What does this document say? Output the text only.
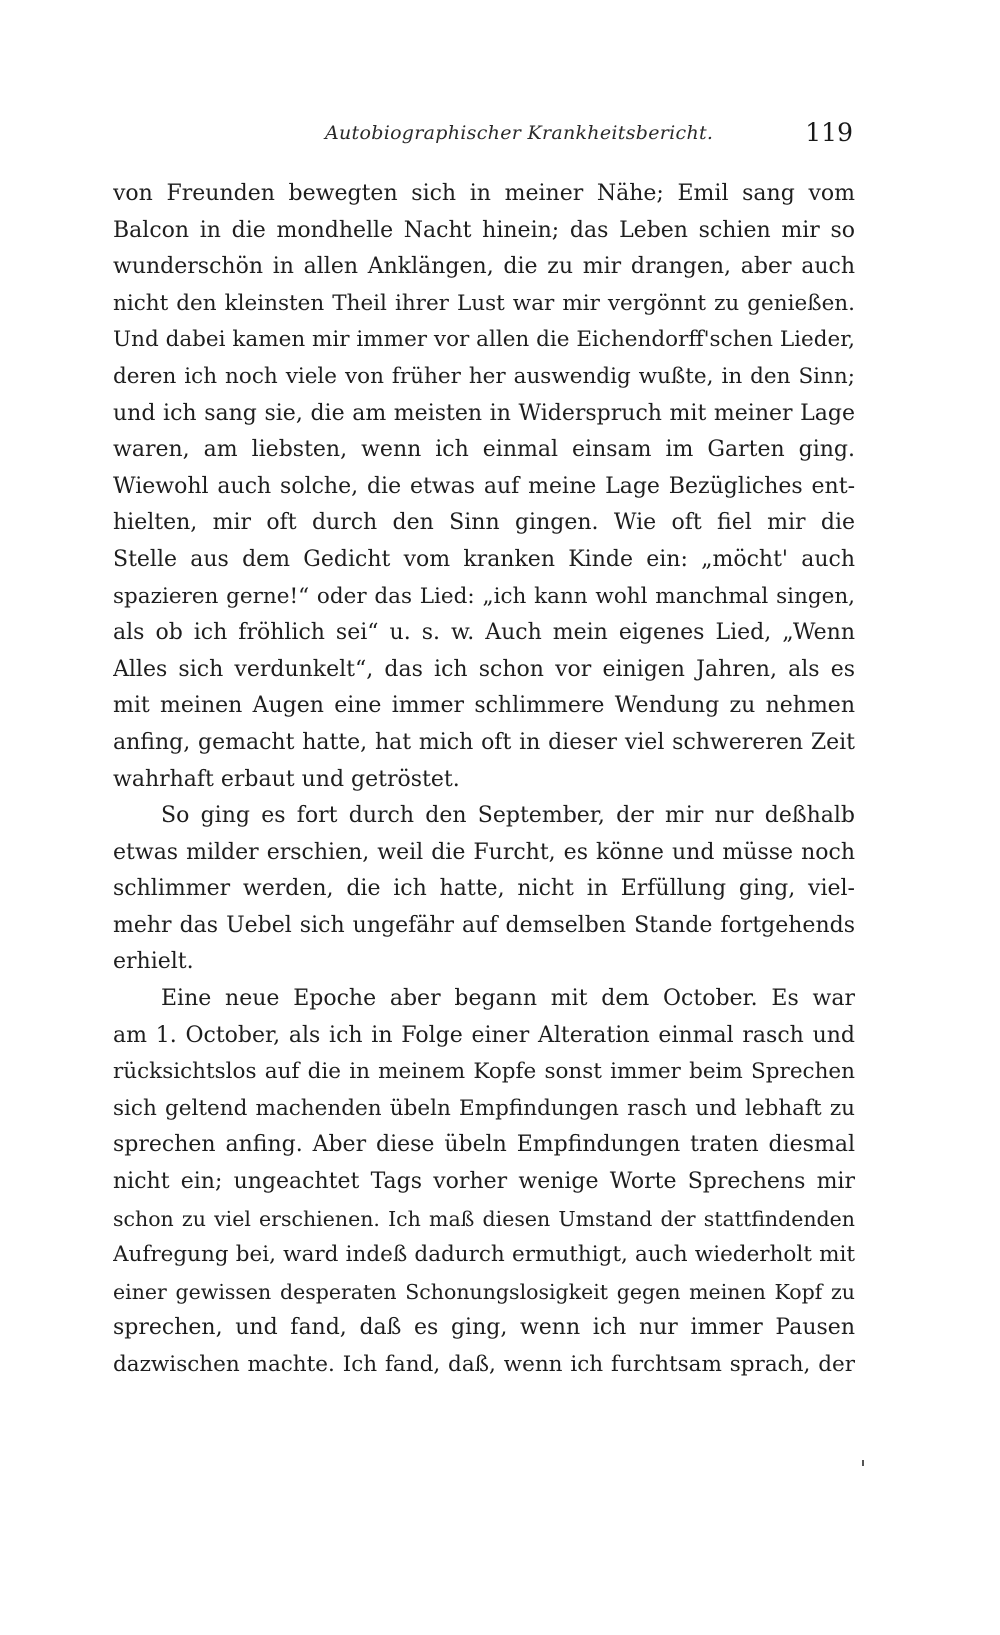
Autobiographischer Krankheitsbericht.	119
von Freunden bewegten sich in meiner Nähe; Emil sang vom
Balcon in die mondhelle Nacht hinein; das Leben schien mir so
wunderschön in allen Anklängen, die zu mir drangen, aber auch
nicht den kleinsten Theil ihrer Lust war mir vergönnt zu genießen.
Und dabei kamen mir immer vor allen die Eichendorff'schen Lieder,
deren ich noch viele von früher her auswendig wußte, in den Sinn;
und ich sang sie, die am meisten in Widerspruch mit meiner Lage
waren, am liebsten, wenn ich einmal einsam im Garten ging.
Wiewohl auch solche, die etwas auf meine Lage Bezügliches ent-
hielten, mir oft durch den Sinn gingen. Wie oft fiel mir die
Stelle aus dem Gedicht vom kranken Kinde ein: „möcht' auch
spazieren gerne!“ oder das Lied: „ich kann wohl manchmal singen,
als ob ich fröhlich sei“ u. s. w. Auch mein eigenes Lied, „Wenn
Alles sich verdunkelt“, das ich schon vor einigen Jahren, als es
mit meinen Augen eine immer schlimmere Wendung zu nehmen
anfing, gemacht hatte, hat mich oft in dieser viel schwereren Zeit
wahrhaft erbaut und getröstet.
So ging es fort durch den September, der mir nur deßhalb
etwas milder erschien, weil die Furcht, es könne und müsse noch
schlimmer werden, die ich hatte, nicht in Erfüllung ging, viel-
mehr das Uebel sich ungefähr auf demselben Stande fortgehends
erhielt.
Eine neue Epoche aber begann mit dem October. Es war
am 1. October, als ich in Folge einer Alteration einmal rasch und
rücksichtslos auf die in meinem Kopfe sonst immer beim Sprechen
sich geltend machenden übeln Empfindungen rasch und lebhaft zu
sprechen anfing. Aber diese übeln Empfindungen traten diesmal
nicht ein; ungeachtet Tags vorher wenige Worte Sprechens mir
schon zu viel erschienen. Ich maß diesen Umstand der stattfindenden
Aufregung bei, ward indeß dadurch ermuthigt, auch wiederholt mit
einer gewissen desperaten Schonungslosigkeit gegen meinen Kopf zu
sprechen, und fand, daß es ging, wenn ich nur immer Pausen
dazwischen machte. Ich fand, daß, wenn ich furchtsam sprach, der
